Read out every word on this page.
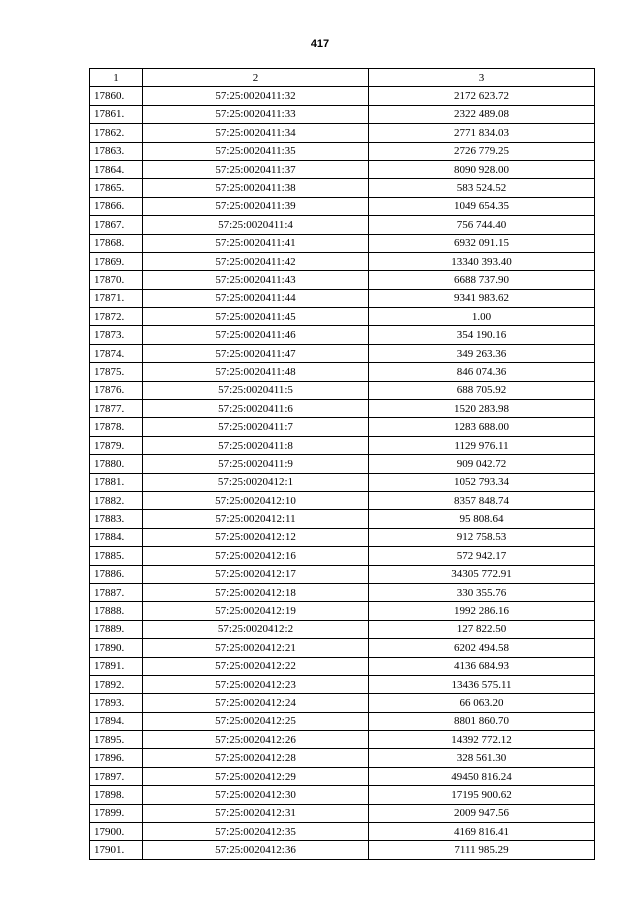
417
1	2	3
17860.	57:25:0020411:32	2172 623.72
17861.	57:25:0020411:33	2322 489.08
17862.	57:25:0020411:34	2771 834.03
17863.	57:25:0020411:35	2726 779.25
17864.	57:25:0020411:37	8090 928.00
17865.	57:25:0020411:38	583 524.52
17866.	57:25:0020411:39	1049 654.35
17867.	57:25:0020411:4	756 744.40
17868.	57:25:0020411:41	6932 091.15
17869.	57:25:0020411:42	13340 393.40
17870.	57:25:0020411:43	6688 737.90
17871.	57:25:0020411:44	9341 983.62
17872.	57:25:0020411:45	1.00
17873.	57:25:0020411:46	354 190.16
17874.	57:25:0020411:47	349 263.36
17875.	57:25:0020411:48	846 074.36
17876.	57:25:0020411:5	688 705.92
17877.	57:25:0020411:6	1520 283.98
17878.	57:25:0020411:7	1283 688.00
17879.	57:25:0020411:8	1129 976.11
17880.	57:25:0020411:9	909 042.72
17881.	57:25:0020412:1	1052 793.34
17882.	57:25:0020412:10	8357 848.74
17883.	57:25:0020412:11	95 808.64
17884.	57:25:0020412:12	912 758.53
17885.	57:25:0020412:16	572 942.17
17886.	57:25:0020412:17	34305 772.91
17887.	57:25:0020412:18	330 355.76
17888.	57:25:0020412:19	1992 286.16
17889.	57:25:0020412:2	127 822.50
17890.	57:25:0020412:21	6202 494.58
17891.	57:25:0020412:22	4136 684.93
17892.	57:25:0020412:23	13436 575.11
17893.	57:25:0020412:24	66 063.20
17894.	57:25:0020412:25	8801 860.70
17895.	57:25:0020412:26	14392 772.12
17896.	57:25:0020412:28	328 561.30
17897.	57:25:0020412:29	49450 816.24
17898.	57:25:0020412:30	17195 900.62
17899.	57:25:0020412:31	2009 947.56
17900.	57:25:0020412:35	4169 816.41
17901.	57:25:0020412:36	7111 985.29
